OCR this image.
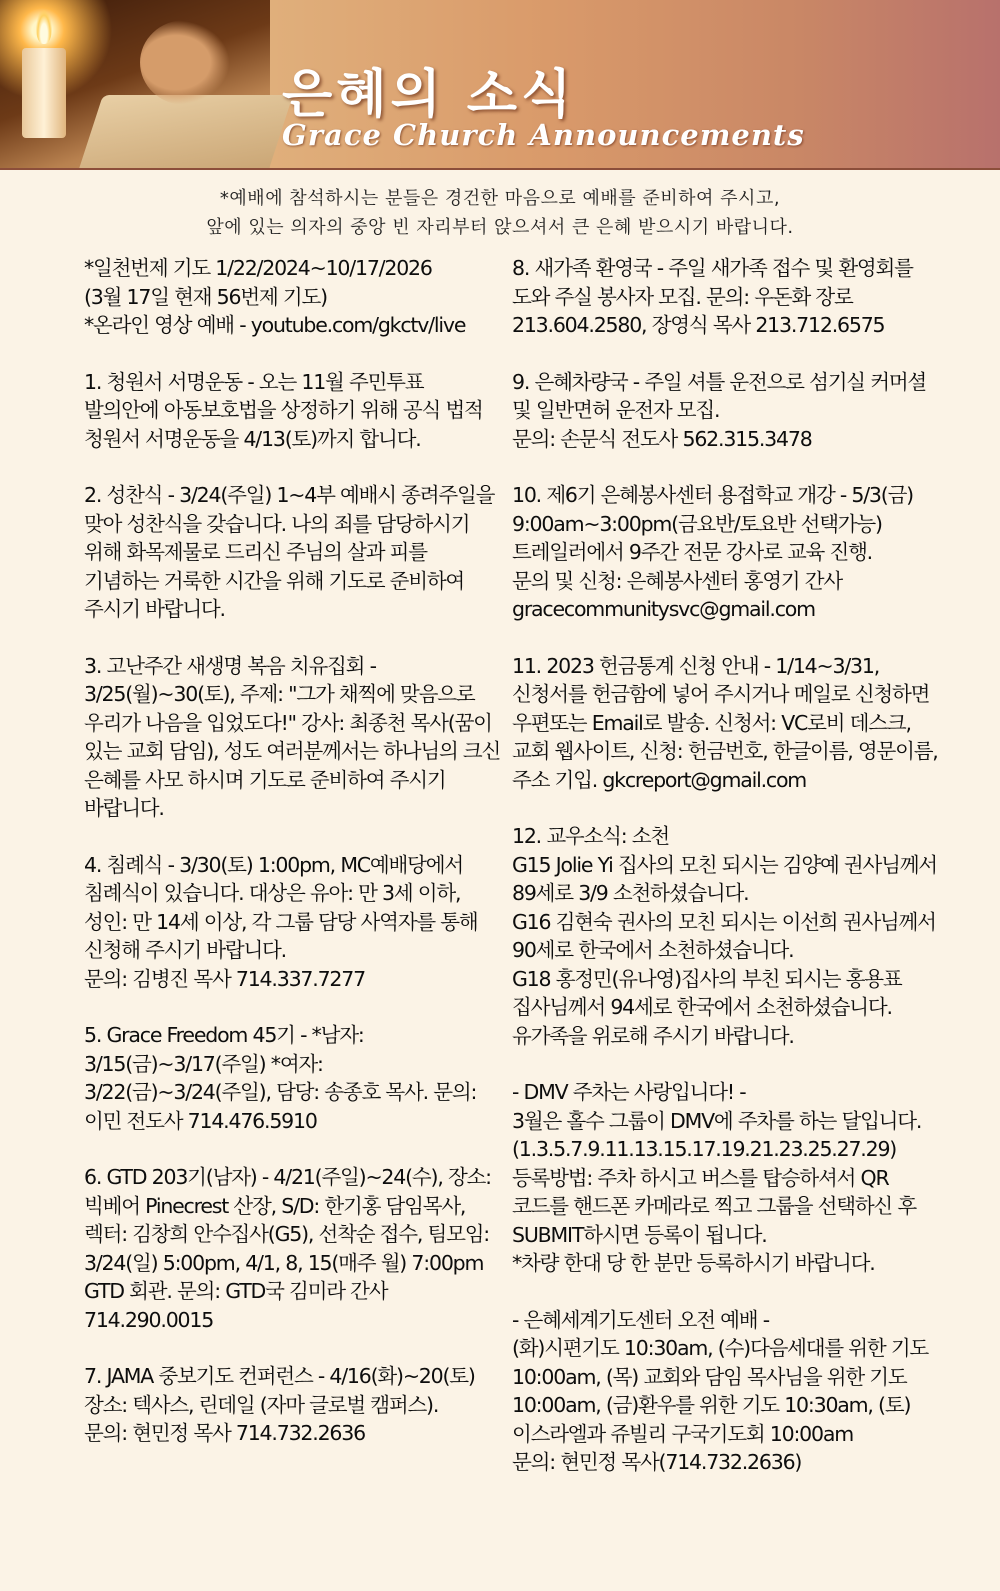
은혜의 소식
Grace Church Announcements

*예배에 참석하시는 분들은 경건한 마음으로 예배를 준비하여 주시고,

앞에 있는 의자의 중앙 빈 자리부터 앉으셔서 큰 은혜 받으시기 바랍니다.

*일천번제 기도 1/22/2024~10/17/2026

(3월 17일 현재 56번제 기도)

*온라인 영상 예배 - youtube.com/gkctv/live

1. 청원서 서명운동 - 오는 11월 주민투표 발의안에 아동보호법을 상정하기 위해 공식 법적 청원서 서명운동을 4/13(토)까지 합니다.

2. 성찬식 - 3/24(주일) 1~4부 예배시 종려주일을 맞아 성찬식을 갖습니다. 나의 죄를 담당하시기 위해 화목제물로 드리신 주님의 살과 피를 기념하는 거룩한 시간을 위해 기도로 준비하여 주시기 바랍니다.

3. 고난주간 새생명 복음 치유집회 - 3/25(월)~30(토), 주제: "그가 채찍에 맞음으로 우리가 나음을 입었도다!" 강사: 최종천 목사(꿈이 있는 교회 담임), 성도 여러분께서는 하나님의 크신 은혜를 사모 하시며 기도로 준비하여 주시기 바랍니다.

4. 침례식 - 3/30(토) 1:00pm, MC예배당에서 침례식이 있습니다. 대상은 유아: 만 3세 이하, 성인: 만 14세 이상, 각 그룹 담당 사역자를 통해 신청해 주시기 바랍니다.

문의: 김병진 목사 714.337.7277

5. Grace Freedom 45기 - *남자: 3/15(금)~3/17(주일) *여자: 3/22(금)~3/24(주일), 담당: 송종호 목사. 문의: 이민 전도사 714.476.5910

6. GTD 203기(남자) - 4/21(주일)~24(수), 장소: 빅베어 Pinecrest 산장, S/D: 한기홍 담임목사, 렉터: 김창희 안수집사(G5), 선착순 접수, 팀모임: 3/24(일) 5:00pm, 4/1, 8, 15(매주 월) 7:00pm GTD 회관. 문의: GTD국 김미라 간사 714.290.0015

7. JAMA 중보기도 컨퍼런스 - 4/16(화)~20(토)

장소: 텍사스, 린데일 (자마 글로벌 캠퍼스).

문의: 현민정 목사 714.732.2636

8. 새가족 환영국 - 주일 새가족 접수 및 환영회를 도와 주실 봉사자 모집. 문의: 우돈화 장로 213.604.2580, 장영식 목사 213.712.6575

9. 은혜차량국 - 주일 셔틀 운전으로 섬기실 커머셜 및 일반면허 운전자 모집.

문의: 손문식 전도사 562.315.3478

10. 제6기 은혜봉사센터 용접학교 개강 - 5/3(금) 9:00am~3:00pm(금요반/토요반 선택가능) 트레일러에서 9주간 전문 강사로 교육 진행.

문의 및 신청: 은혜봉사센터 홍영기 간사

gracecommunitysvc@gmail.com

11. 2023 헌금통계 신청 안내 - 1/14~3/31, 신청서를 헌금함에 넣어 주시거나 메일로 신청하면 우편또는 Email로 발송. 신청서: VC로비 데스크, 교회 웹사이트, 신청: 헌금번호, 한글이름, 영문이름, 주소 기입. gkcreport@gmail.com

12. 교우소식: 소천

G15 Jolie Yi 집사의 모친 되시는 김양예 권사님께서 89세로 3/9 소천하셨습니다.

G16 김현숙 권사의 모친 되시는 이선희 권사님께서 90세로 한국에서 소천하셨습니다.

G18 홍정민(유나영)집사의 부친 되시는 홍용표 집사님께서 94세로 한국에서 소천하셨습니다.

유가족을 위로해 주시기 바랍니다.

- DMV 주차는 사랑입니다! -

3월은 홀수 그룹이 DMV에 주차를 하는 달입니다. (1.3.5.7.9.11.13.15.17.19.21.23.25.27.29) 등록방법: 주차 하시고 버스를 탑승하셔서 QR 코드를 핸드폰 카메라로 찍고 그룹을 선택하신 후 SUBMIT하시면 등록이 됩니다.

*차량 한대 당 한 분만 등록하시기 바랍니다.

- 은혜세계기도센터 오전 예배 -

(화)시편기도 10:30am, (수)다음세대를 위한 기도 10:00am, (목) 교회와 담임 목사님을 위한 기도 10:00am, (금)환우를 위한 기도 10:30am, (토)이스라엘과 쥬빌리 구국기도회 10:00am

문의: 현민정 목사(714.732.2636)
